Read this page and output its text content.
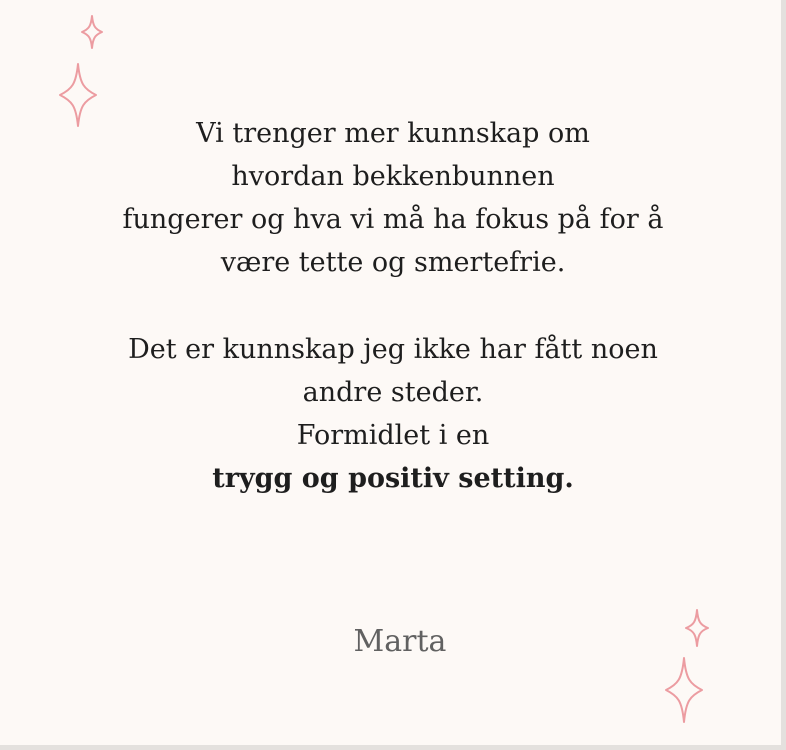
Vi trenger mer kunnskap om
hvordan bekkenbunnen
fungerer og hva vi må ha fokus på for å
være tette og smertefrie.
Det er kunnskap jeg ikke har fått noen
andre steder.
Formidlet i en
trygg og positiv setting.
Marta
